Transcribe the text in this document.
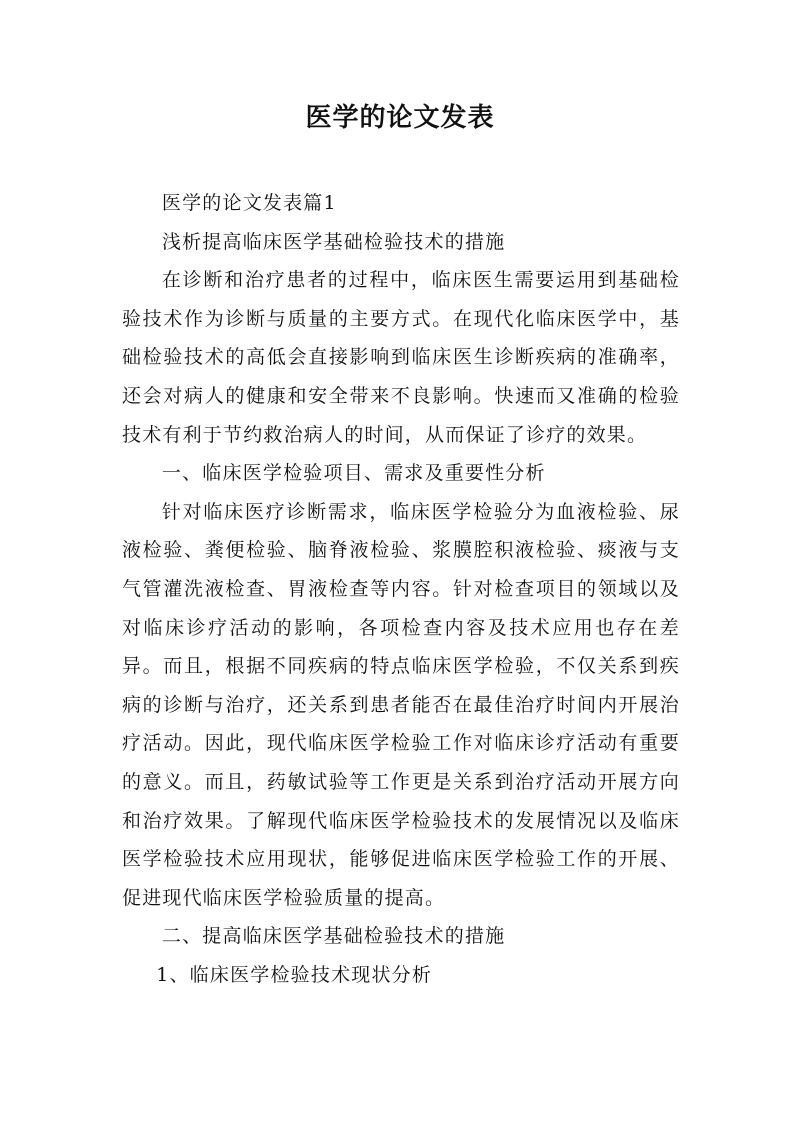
医学的论文发表

医学的论文发表篇1

浅析提高临床医学基础检验技术的措施

在诊断和治疗患者的过程中，临床医生需要运用到基础检验技术作为诊断与质量的主要方式。在现代化临床医学中，基础检验技术的高低会直接影响到临床医生诊断疾病的准确率，还会对病人的健康和安全带来不良影响。快速而又准确的检验技术有利于节约救治病人的时间，从而保证了诊疗的效果。

一、临床医学检验项目、需求及重要性分析

针对临床医疗诊断需求，临床医学检验分为血液检验、尿液检验、粪便检验、脑脊液检验、浆膜腔积液检验、痰液与支气管灌洗液检查、胃液检查等内容。针对检查项目的领域以及对临床诊疗活动的影响，各项检查内容及技术应用也存在差异。而且，根据不同疾病的特点临床医学检验，不仅关系到疾病的诊断与治疗，还关系到患者能否在最佳治疗时间内开展治疗活动。因此，现代临床医学检验工作对临床诊疗活动有重要的意义。而且，药敏试验等工作更是关系到治疗活动开展方向和治疗效果。了解现代临床医学检验技术的发展情况以及临床医学检验技术应用现状，能够促进临床医学检验工作的开展、促进现代临床医学检验质量的提高。

二、提高临床医学基础检验技术的措施

1、临床医学检验技术现状分析
